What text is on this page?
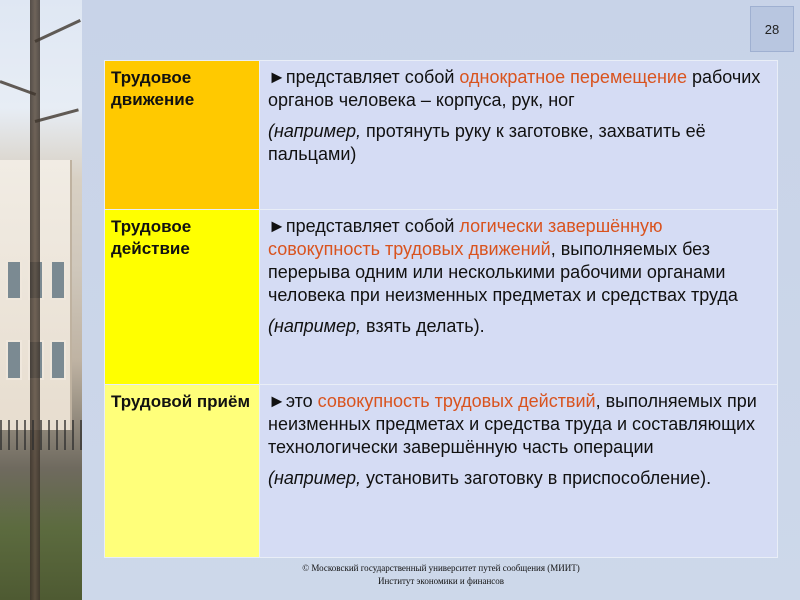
28
Трудовое движение	►представляет собой однократное перемещение рабочих органов человека – корпуса, рук, ног
(например, протянуть руку к заготовке, захватить её пальцами)

Трудовое действие	►представляет собой логически завершённую совокупность трудовых движений, выполняемых без перерыва одним или несколькими рабочими органами человека при неизменных предметах и средствах труда
(например, взять делать).

Трудовой приём	►это совокупность трудовых действий, выполняемых при неизменных предметах и средства труда и составляющих технологически завершённую часть операции
(например, установить заготовку в приспособление).
© Московский государственный университет путей сообщения (МИИТ)
Институт экономики и финансов
